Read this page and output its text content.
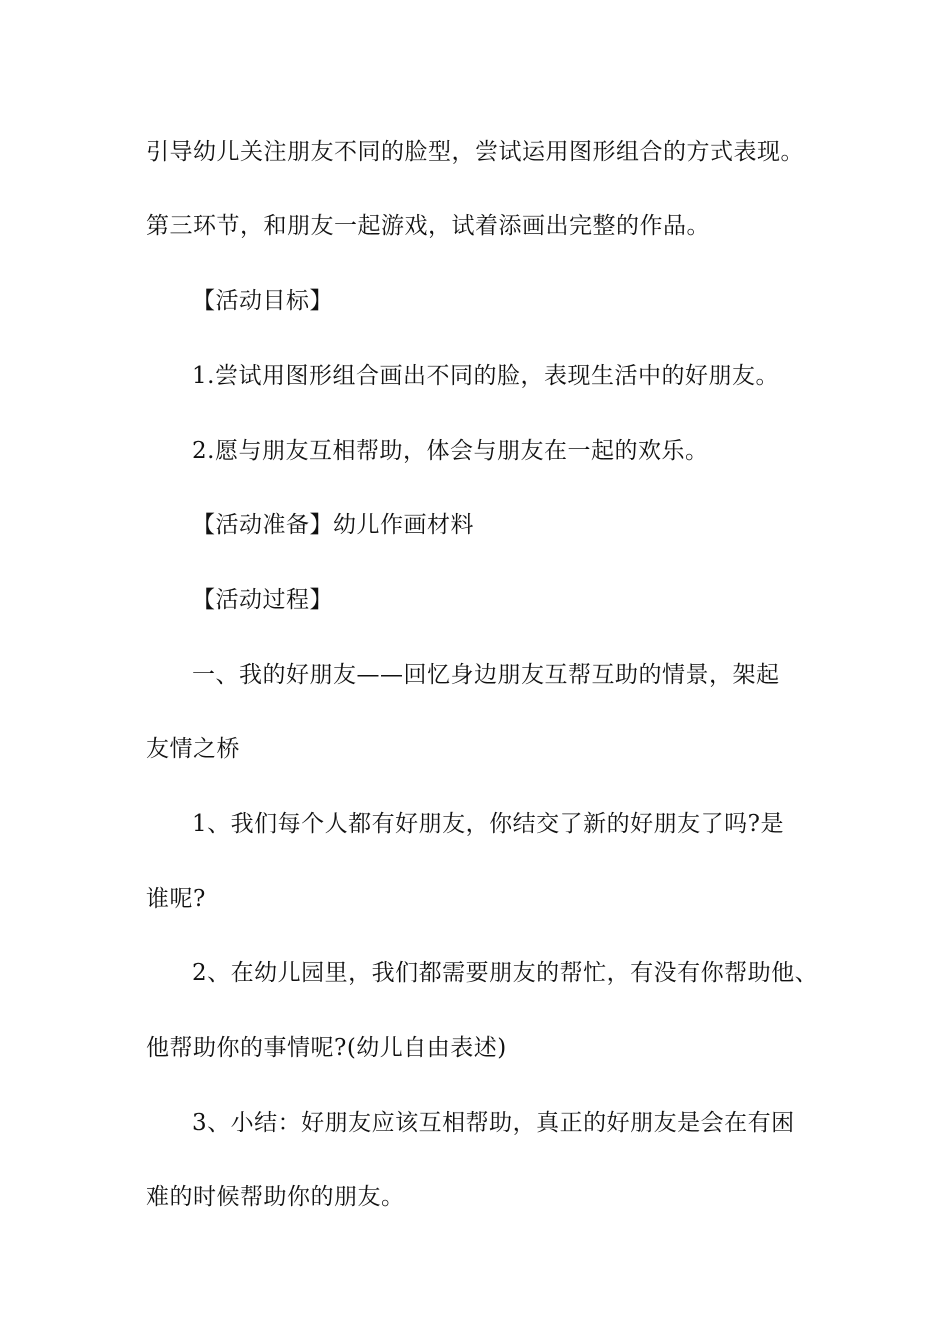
引导幼儿关注朋友不同的脸型，尝试运用图形组合的方式表现。
第三环节，和朋友一起游戏，试着添画出完整的作品。
【活动目标】
1.尝试用图形组合画出不同的脸，表现生活中的好朋友。
2.愿与朋友互相帮助，体会与朋友在一起的欢乐。
【活动准备】幼儿作画材料
【活动过程】
一、我的好朋友——回忆身边朋友互帮互助的情景，架起
友情之桥
1、我们每个人都有好朋友，你结交了新的好朋友了吗?是
谁呢?
2、在幼儿园里，我们都需要朋友的帮忙，有没有你帮助他、
他帮助你的事情呢?(幼儿自由表述)
3、小结：好朋友应该互相帮助，真正的好朋友是会在有困
难的时候帮助你的朋友。
